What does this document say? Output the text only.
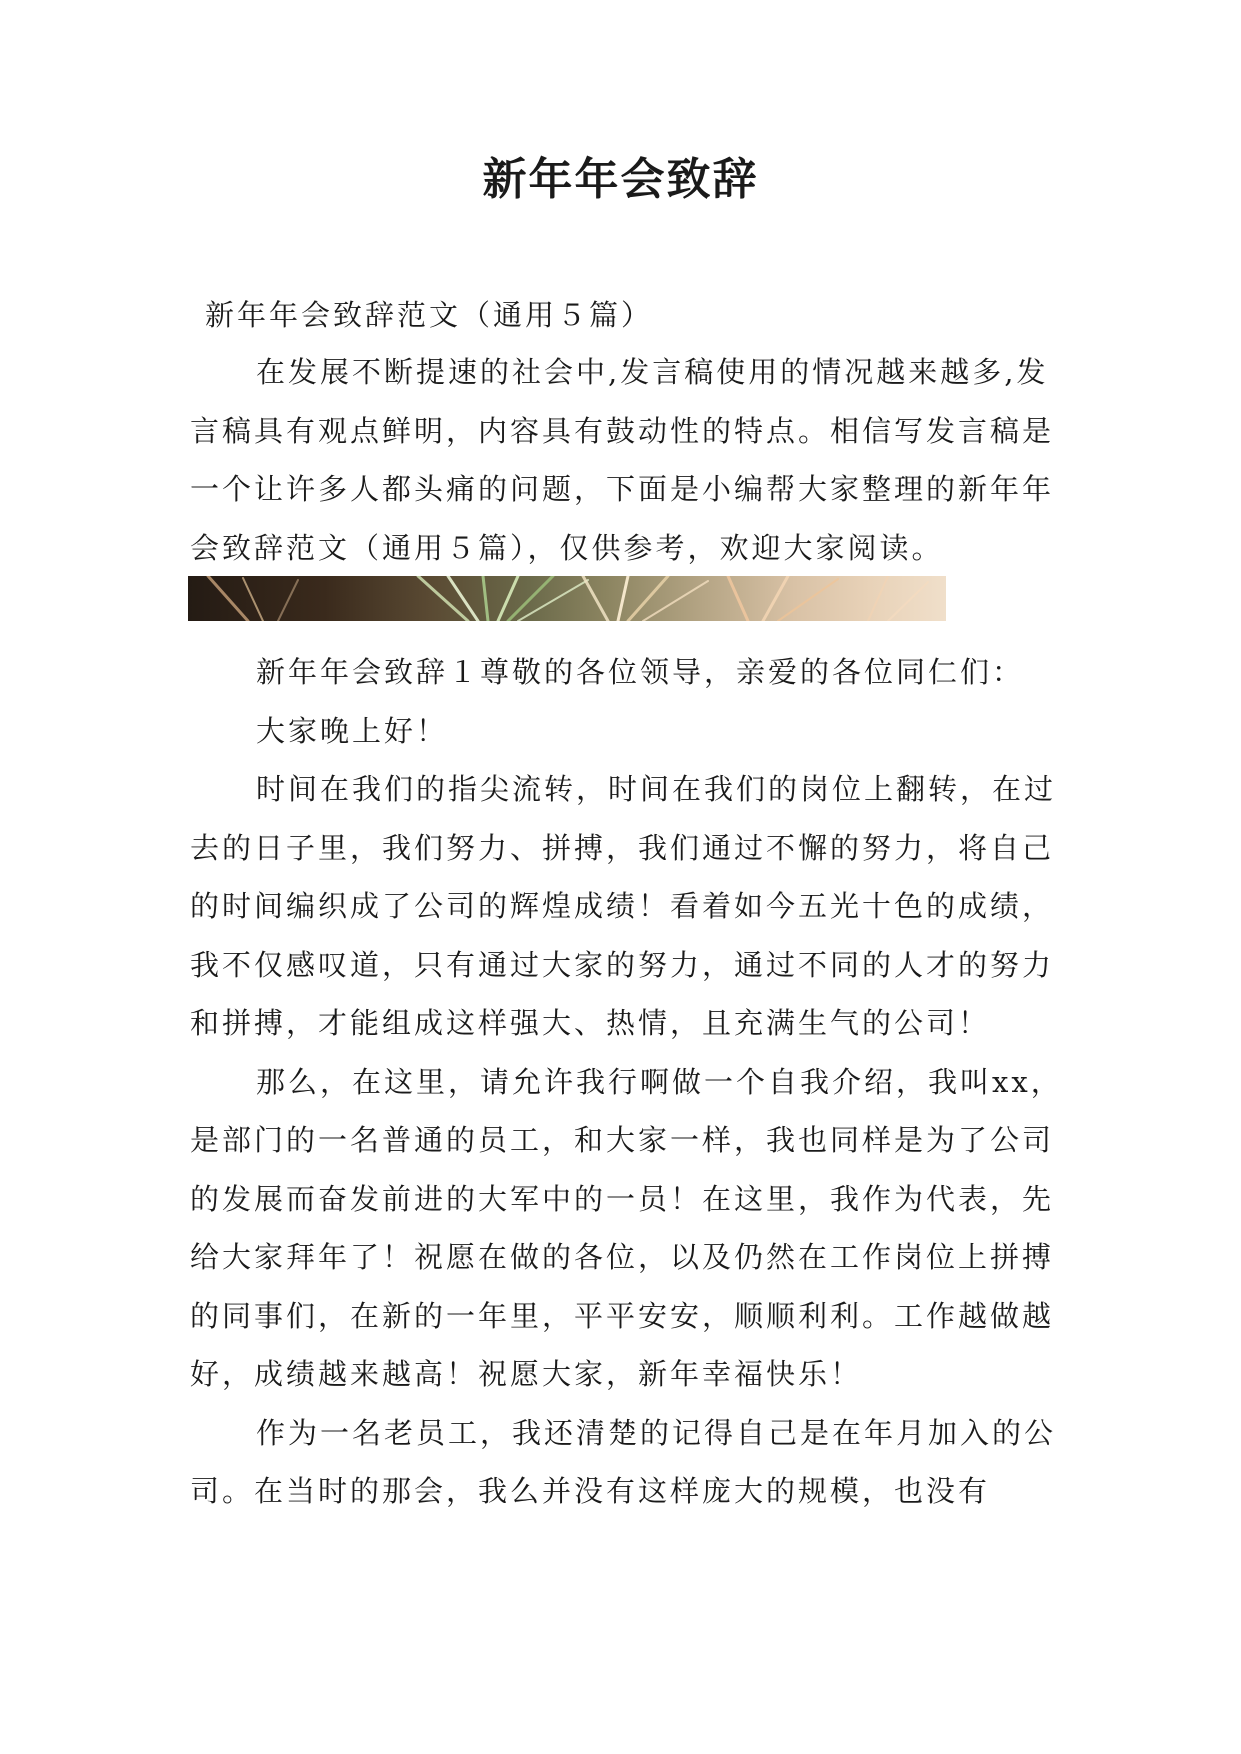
新年年会致辞
新年年会致辞范文（通用５篇）

在发展不断提速的社会中,发言稿使用的情况越来越多,发言稿具有观点鲜明，内容具有鼓动性的特点。相信写发言稿是一个让许多人都头痛的问题，下面是小编帮大家整理的新年年会致辞范文（通用５篇），仅供参考，欢迎大家阅读。

新年年会致辞１尊敬的各位领导，亲爱的各位同仁们：

大家晚上好！

时间在我们的指尖流转，时间在我们的岗位上翻转，在过去的日子里，我们努力、拼搏，我们通过不懈的努力，将自己的时间编织成了公司的辉煌成绩！看着如今五光十色的成绩，我不仅感叹道，只有通过大家的努力，通过不同的人才的努力和拼搏，才能组成这样强大、热情，且充满生气的公司！

那么，在这里，请允许我行啊做一个自我介绍，我叫xx，是部门的一名普通的员工，和大家一样，我也同样是为了公司的发展而奋发前进的大军中的一员！在这里，我作为代表，先给大家拜年了！祝愿在做的各位，以及仍然在工作岗位上拼搏的同事们，在新的一年里，平平安安，顺顺利利。工作越做越好，成绩越来越高！祝愿大家，新年幸福快乐！

作为一名老员工，我还清楚的记得自己是在年月加入的公司。在当时的那会，我么并没有这样庞大的规模，也没有
